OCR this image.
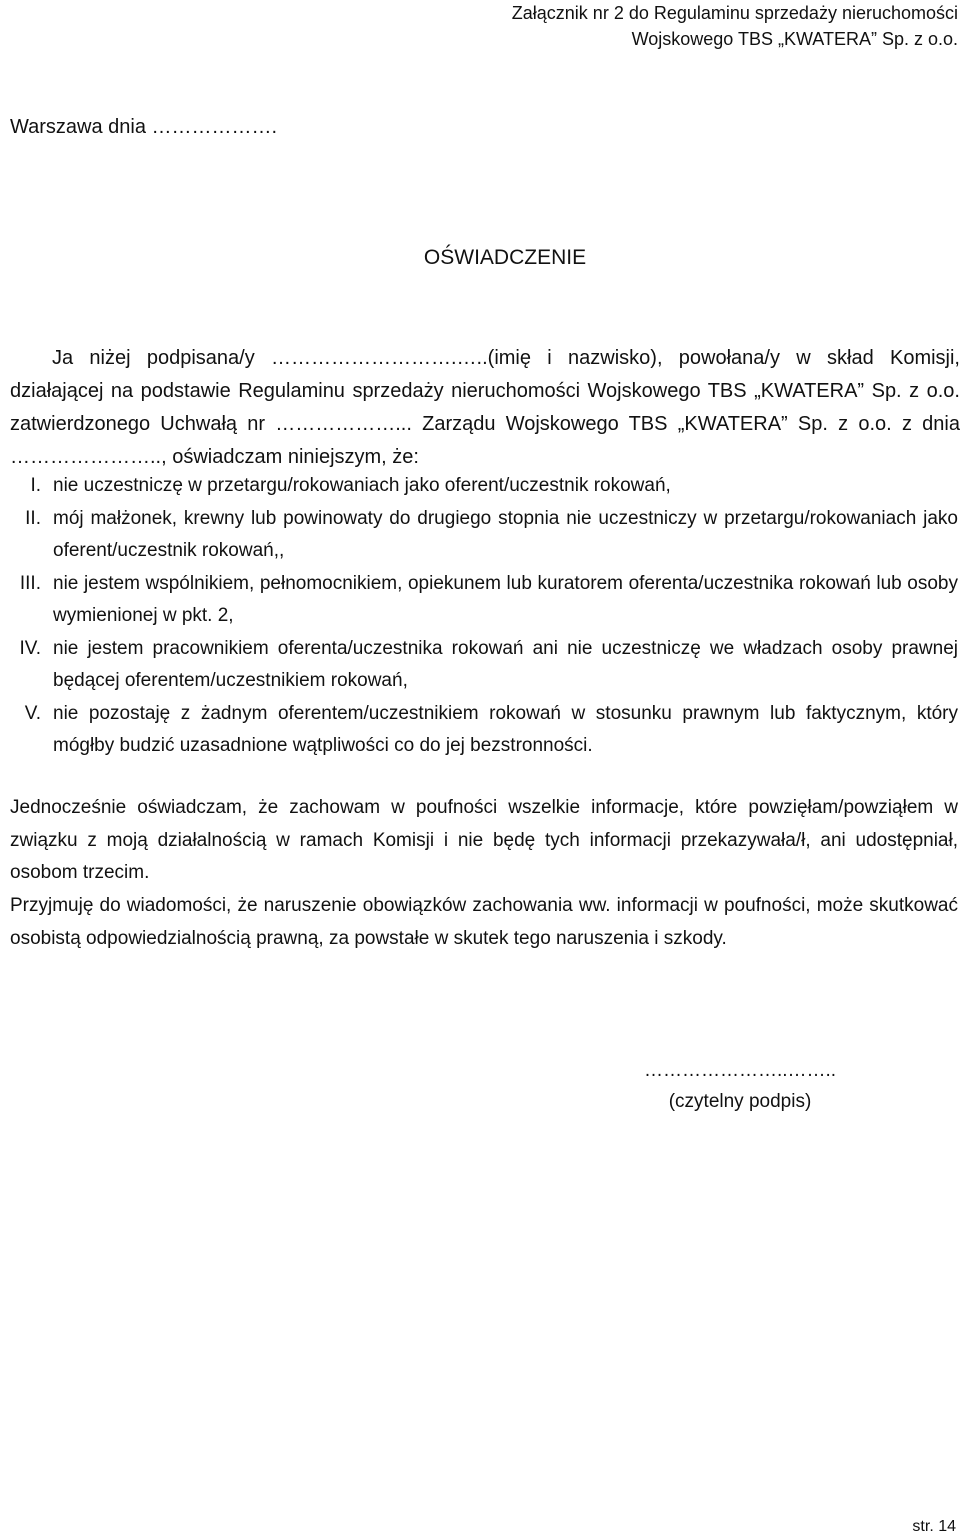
Załącznik nr 2 do Regulaminu sprzedaży nieruchomości
Wojskowego TBS „KWATERA” Sp. z o.o.
Warszawa dnia ……………….
OŚWIADCZENIE
Ja niżej podpisana/y ……………………….…..(imię i nazwisko), powołana/y w skład Komisji,
działającej na podstawie Regulaminu sprzedaży nieruchomości Wojskowego TBS „KWATERA” Sp. z o.o.
zatwierdzonego Uchwałą nr ………………... Zarządu Wojskowego TBS „KWATERA” Sp. z o.o. z dnia
………………….., oświadczam niniejszym, że:
I. nie uczestniczę w przetargu/rokowaniach jako oferent/uczestnik rokowań,
II. mój małżonek, krewny lub powinowaty do drugiego stopnia nie uczestniczy w przetargu/rokowaniach jako oferent/uczestnik rokowań,,
III. nie jestem wspólnikiem, pełnomocnikiem, opiekunem lub kuratorem oferenta/uczestnika rokowań lub osoby wymienionej w pkt. 2,
IV. nie jestem pracownikiem oferenta/uczestnika rokowań ani nie uczestniczę we władzach osoby prawnej będącej oferentem/uczestnikiem rokowań,
V. nie pozostaję z żadnym oferentem/uczestnikiem rokowań w stosunku prawnym lub faktycznym, który mógłby budzić uzasadnione wątpliwości co do jej bezstronności.
Jednocześnie oświadczam, że zachowam w poufności wszelkie informacje, które powzięłam/powziąłem w związku z moją działalnością w ramach Komisji i nie będę tych informacji przekazywała/ł, ani udostępniał, osobom trzecim.
Przyjmuję do wiadomości, że naruszenie obowiązków zachowania ww. informacji w poufności, może skutkować osobistą odpowiedzialnością prawną, za powstałe w skutek tego naruszenia i szkody.
…………………..……..
(czytelny podpis)
str. 14
